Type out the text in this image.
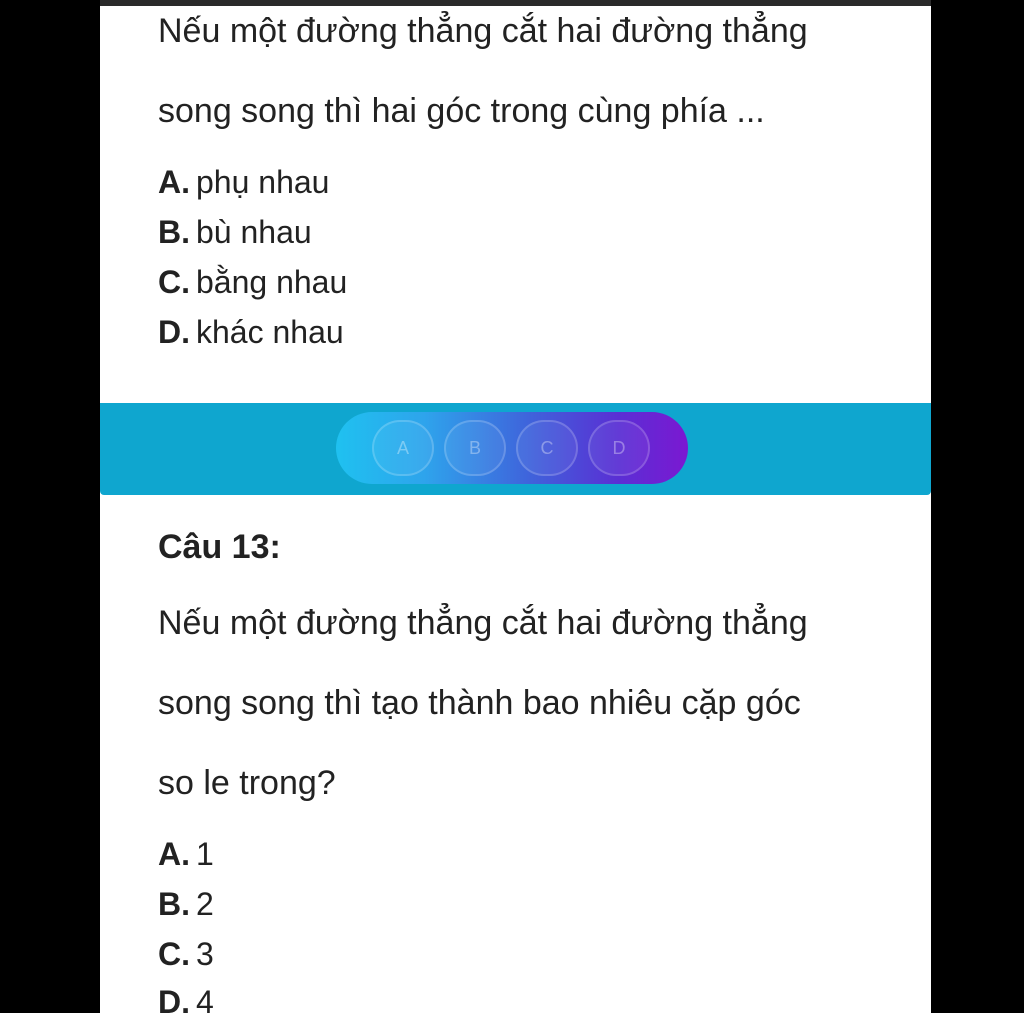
Nếu một đường thẳng cắt hai đường thẳng
song song thì hai góc trong cùng phía ...
A. phụ nhau
B. bù nhau
C. bằng nhau
D. khác nhau
A	B	C	D
Câu 13:
Nếu một đường thẳng cắt hai đường thẳng
song song thì tạo thành bao nhiêu cặp góc
so le trong?
A. 1
B. 2
C. 3
D. 4
